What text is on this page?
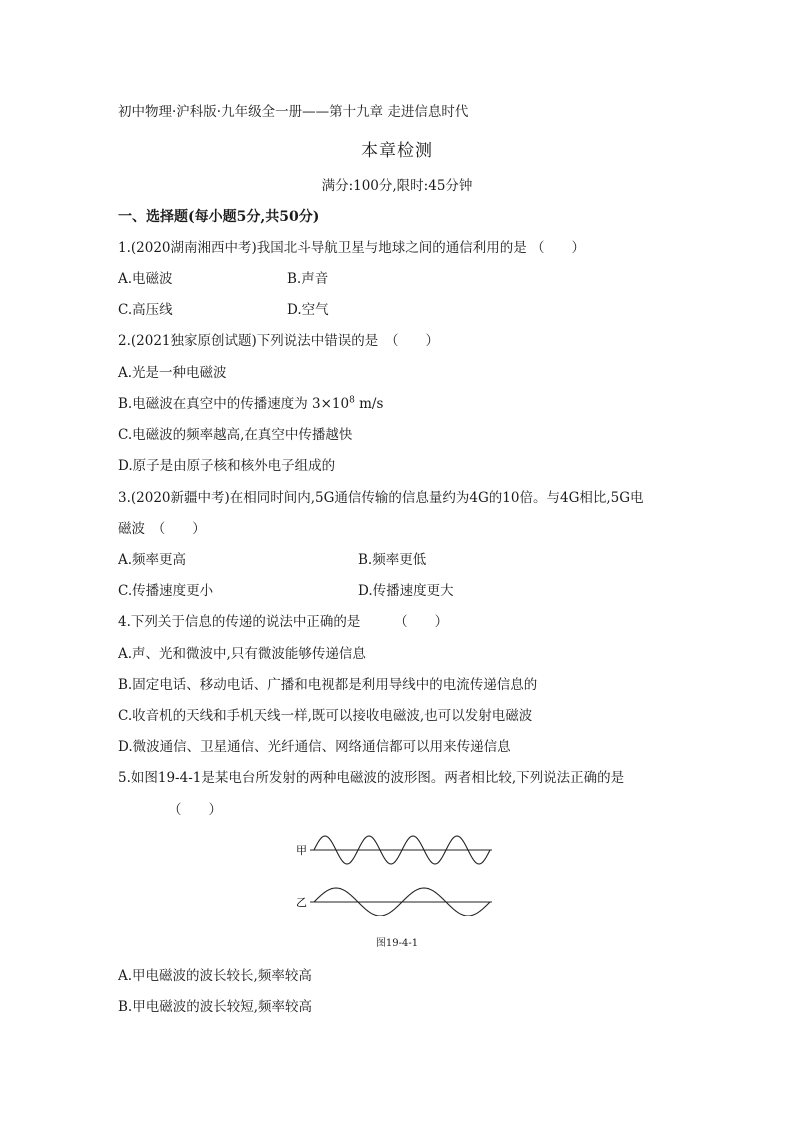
初中物理·沪科版·九年级全一册——第十九章 走进信息时代
本章检测
满分:100分,限时:45分钟
一、选择题(每小题5分,共50分)
1.(2020湖南湘西中考)我国北斗导航卫星与地球之间的通信利用的是 （　　）
A.电磁波	B.声音
C.高压线	D.空气
2.(2021独家原创试题)下列说法中错误的是　（　　）
A.光是一种电磁波
B.电磁波在真空中的传播速度为 $3\times 10^8$ m/s
C.电磁波的频率越高,在真空中传播越快
D.原子是由原子核和核外电子组成的
3.(2020新疆中考)在相同时间内,5G通信传输的信息量约为4G的10倍。与4G相比,5G电
磁波　（　　）
A.频率更高	B.频率更低
C.传播速度更小	D.传播速度更大
4.下列关于信息的传递的说法中正确的是　　　（　　）
A.声、光和微波中,只有微波能够传递信息
B.固定电话、移动电话、广播和电视都是利用导线中的电流传递信息的
C.收音机的天线和手机天线一样,既可以接收电磁波,也可以发射电磁波
D.微波通信、卫星通信、光纤通信、网络通信都可以用来传递信息
5.如图19-4-1是某电台所发射的两种电磁波的波形图。两者相比较,下列说法正确的是
（　　）
甲
乙
图19-4-1
A.甲电磁波的波长较长,频率较高
B.甲电磁波的波长较短,频率较高
